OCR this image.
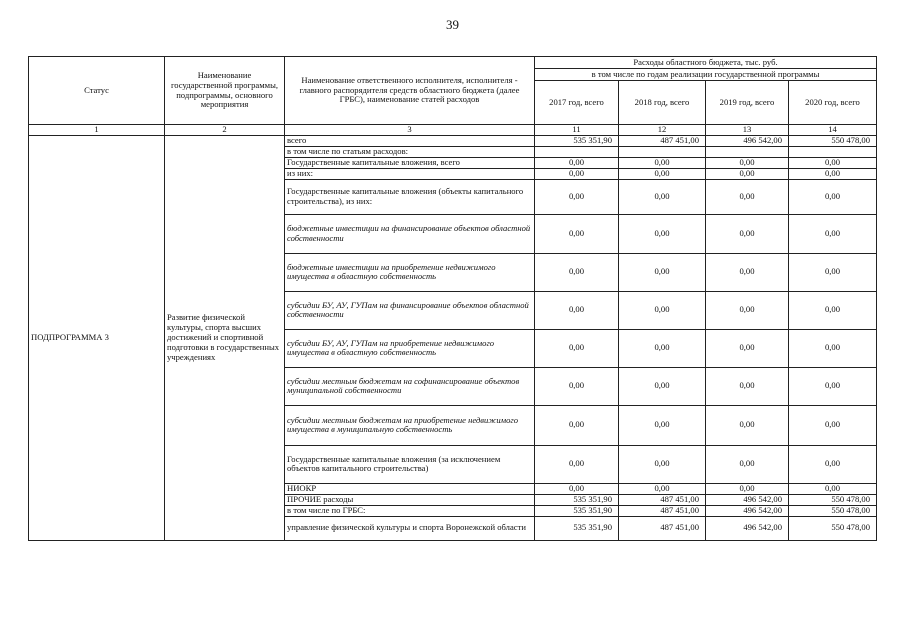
39
Статус	Наименование государственной программы, подпрограммы, основного мероприятия	Наименование ответственного исполнителя, исполнителя - главного распорядителя средств областного бюджета (далее ГРБС), наименование статей расходов	Расходы областного бюджета, тыс. руб.			
			в том числе по годам реализации государственной программы			
			2017 год, всего	2018 год, всего	2019 год, всего	2020 год, всего
1	2	3	11	12	13	14
ПОДПРОГРАММА 3	Развитие физической культуры, спорта высших достижений и спортивной подготовки в государственных учреждениях	всего	535 351,90	487 451,00	496 542,00	550 478,00
		в том числе по статьям расходов:				
		Государственные капитальные вложения, всего	0,00	0,00	0,00	0,00
		из них:	0,00	0,00	0,00	0,00
		Государственные капитальные вложения (объекты капитального строительства), из них:	0,00	0,00	0,00	0,00
		бюджетные инвестиции на финансирование объектов областной собственности	0,00	0,00	0,00	0,00
		бюджетные инвестиции на приобретение недвижимого имущества в областную собственность	0,00	0,00	0,00	0,00
		субсидии БУ, АУ, ГУПам на финансирование объектов областной собственности	0,00	0,00	0,00	0,00
		субсидии БУ, АУ, ГУПам на приобретение недвижимого имущества в областную собственность	0,00	0,00	0,00	0,00
		субсидии местным бюджетам на софинансирование объектов муниципальной собственности	0,00	0,00	0,00	0,00
		субсидии местным бюджетам на приобретение недвижимого имущества в муниципальную собственность	0,00	0,00	0,00	0,00
		Государственные капитальные вложения (за исключением объектов капитального строительства)	0,00	0,00	0,00	0,00
		НИОКР	0,00	0,00	0,00	0,00
		ПРОЧИЕ расходы	535 351,90	487 451,00	496 542,00	550 478,00
		в том числе по ГРБС:	535 351,90	487 451,00	496 542,00	550 478,00
		управление физической культуры и спорта Воронежской области	535 351,90	487 451,00	496 542,00	550 478,00
